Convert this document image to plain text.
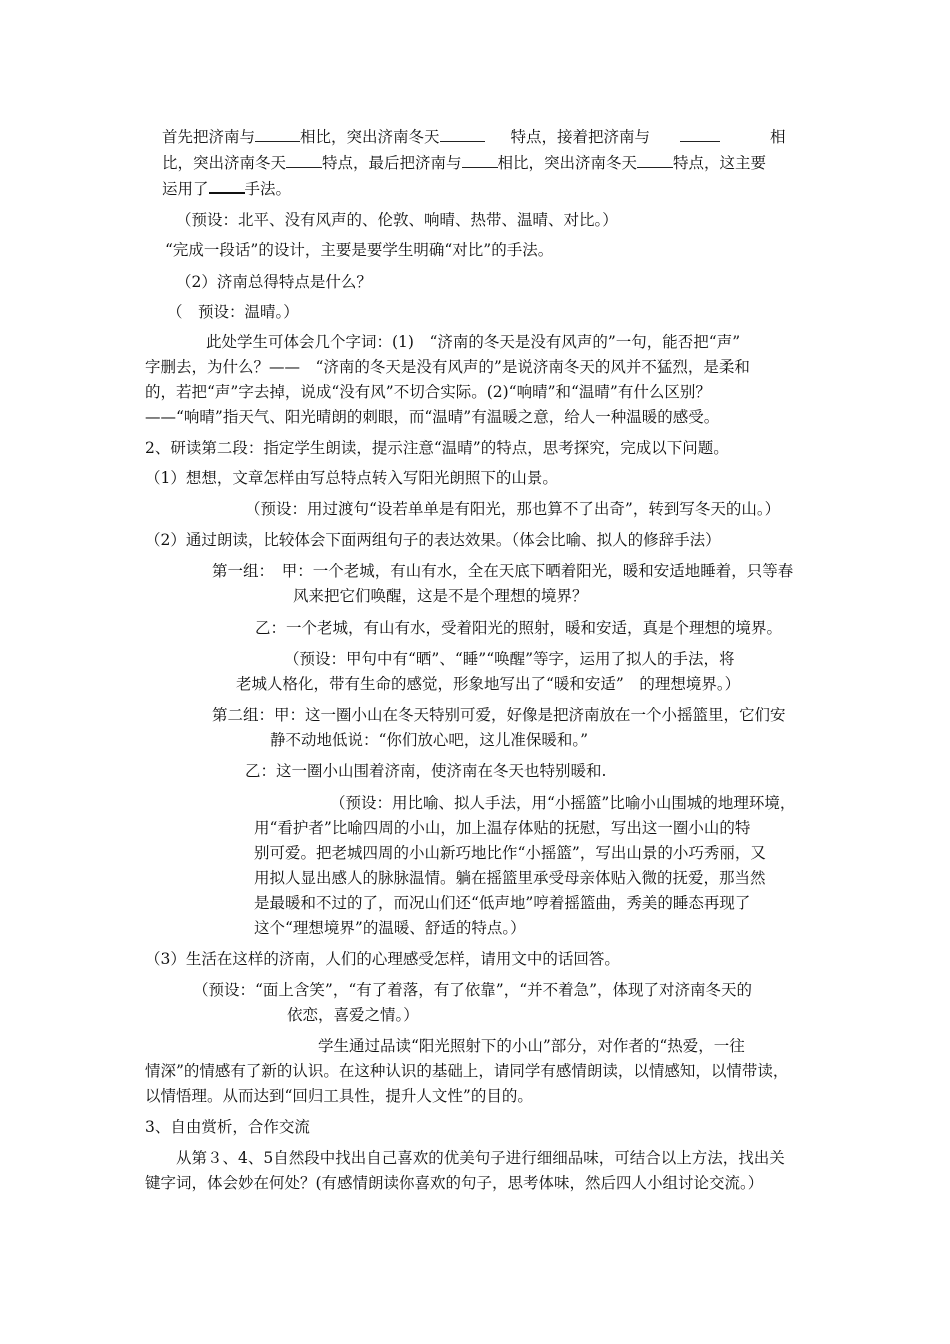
首先把济南与	相比，突出济南冬天	特点，接着把济南与	相
比，突出济南冬天 特点，最后把济南与 相比，突出济南冬天 特点，这主要
运用了 手法。
（预设：北平、没有风声的、伦敦、响晴、热带、温晴、对比。）
“完成一段话”的设计，主要是要学生明确“对比”的手法。
（2）济南总得特点是什么？
（　预设：温晴。）
此处学生可体会几个字词：(1)　“济南的冬天是没有风声的”一句，能否把“声”
字删去，为什么？——　“济南的冬天是没有风声的”是说济南冬天的风并不猛烈，是柔和
的，若把“声”字去掉，说成“没有风”不切合实际。(2)“响晴”和“温晴”有什么区别？
——“响晴”指天气、阳光晴朗的刺眼，而“温晴”有温暖之意，给人一种温暖的感受。
2、研读第二段：指定学生朗读，提示注意“温晴”的特点，思考探究，完成以下问题。
（1）想想，文章怎样由写总特点转入写阳光朗照下的山景。
（预设：用过渡句“设若单单是有阳光，那也算不了出奇”，转到写冬天的山。）
（2）通过朗读，比较体会下面两组句子的表达效果。（体会比喻、拟人的修辞手法）
第一组：　甲：一个老城，有山有水，全在天底下晒着阳光，暖和安适地睡着，只等春
风来把它们唤醒，这是不是个理想的境界？
乙：一个老城，有山有水，受着阳光的照射，暖和安适，真是个理想的境界。
（预设：甲句中有“晒”、“睡”“唤醒”等字，运用了拟人的手法，将
老城人格化，带有生命的感觉，形象地写出了“暖和安适”　的理想境界。）
第二组：甲：这一圈小山在冬天特别可爱，好像是把济南放在一个小摇篮里，它们安
静不动地低说：“你们放心吧，这儿准保暖和。”
乙：这一圈小山围着济南，使济南在冬天也特别暖和.
（预设：用比喻、拟人手法，用“小摇篮”比喻小山围城的地理环境，
用“看护者”比喻四周的小山，加上温存体贴的抚慰，写出这一圈小山的特
别可爱。把老城四周的小山新巧地比作“小摇篮”，写出山景的小巧秀丽，又
用拟人显出感人的脉脉温情。躺在摇篮里承受母亲体贴入微的抚爱，那当然
是最暖和不过的了，而况山们还“低声地”哼着摇篮曲，秀美的睡态再现了
这个“理想境界”的温暖、舒适的特点。）
（3）生活在这样的济南，人们的心理感受怎样，请用文中的话回答。
（预设：“面上含笑”，“有了着落，有了依靠”，“并不着急”，体现了对济南冬天的
依恋，喜爱之情。）
学生通过品读“阳光照射下的小山”部分，对作者的“热爱，一往
情深”的情感有了新的认识。在这种认识的基础上，请同学有感情朗读，以情感知，以情带读，
以情悟理。从而达到“回归工具性，提升人文性”的目的。
3、自由赏析，合作交流
从第３、4、5自然段中找出自己喜欢的优美句子进行细细品味，可结合以上方法，找出关
键字词，体会妙在何处？(有感情朗读你喜欢的句子，思考体味，然后四人小组讨论交流。）
